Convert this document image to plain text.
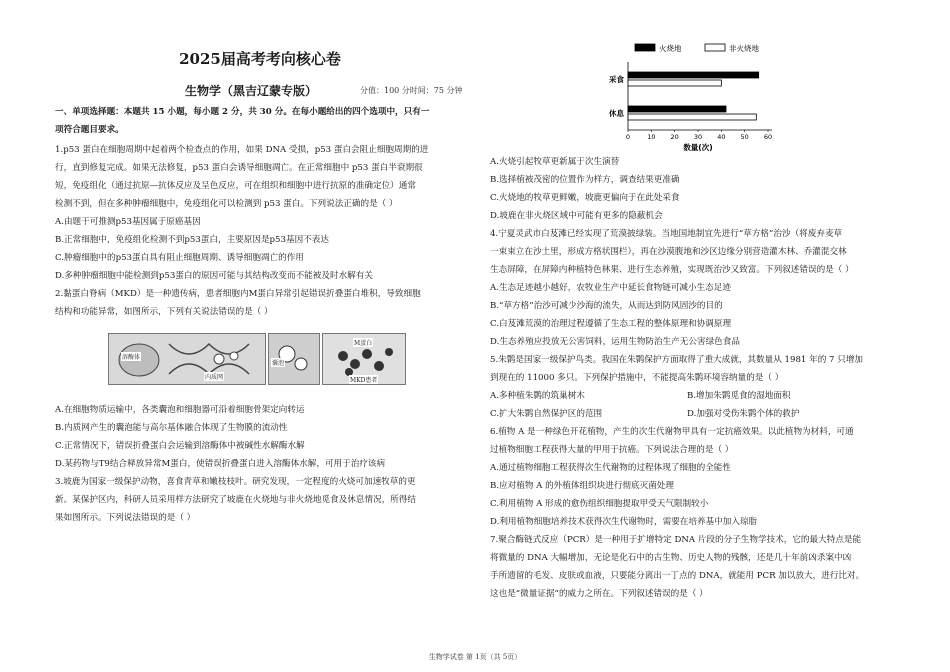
2025届高考考向核心卷
生物学（黑吉辽蒙专版）	分值：100 分时间：75 分钟
一、单项选择题：本题共 15 小题，每小题 2 分，共 30 分。在每小题给出的四个选项中，只有一
项符合题目要求。
1.p53 蛋白在细胞周期中起着两个检查点的作用，如果 DNA 受损，p53 蛋白会阻止细胞周期的进
行，直到修复完成。如果无法修复，p53 蛋白会诱导细胞凋亡。在正常细胞中 p53 蛋白半衰期很
短，免疫组化（通过抗原—抗体反应及呈色反应，可在组织和细胞中进行抗原的准确定位）通常
检测不到，但在多种肿瘤细胞中，免疫组化可以检测到 p53 蛋白。下列说法正确的是（ ）
A.由题干可推测p53基因属于原癌基因
B.正常细胞中，免疫组化检测不到p53蛋白，主要原因是p53基因不表达
C.肿瘤细胞中的p53蛋白具有阻止细胞周期、诱导细胞凋亡的作用
D.多种肿瘤细胞中能检测到p53蛋白的原因可能与其结构改变而不能被及时水解有关
2.黏蛋白脊病（MKD）是一种遗传病，患者细胞内M蛋白异常引起错误折叠蛋白堆积，导致细胞
结构和功能异常，如图所示，下列有关说法错误的是（ ）
溶酶体
内质网
囊泡
M蛋白
MKD患者
A.在细胞物质运输中，各类囊泡和细胞器可沿着细胞骨架定向转运
B.内质网产生的囊泡能与高尔基体融合体现了生物膜的流动性
C.正常情况下，错误折叠蛋白会运输到溶酶体中被碱性水解酶水解
D.某药物与T9结合释放异常M蛋白，使错误折叠蛋白进入溶酶体水解，可用于治疗该病
3.坡鹿为国家一级保护动物，喜食青草和嫩枝枝叶。研究发现，一定程度的火烧可加速牧草的更
新。某保护区内，科研人员采用样方法研究了坡鹿在火烧地与非火烧地觅食及休息情况，所得结
果如图所示。下列说法错误的是（ ）
火烧地	非火烧地
0	10 20 30 40 50 60
采食
休息
数量(次)
A.火烧引起牧草更新属于次生演替
B.选择植被茂密的位置作为样方，调查结果更准确
C.火烧地的牧草更鲜嫩，坡鹿更偏向于在此处采食
D.坡鹿在非火烧区域中可能有更多的隐蔽机会
4.宁夏灵武市白芨滩已经实现了荒漠披绿装。当地国地制宜先进行“草方格”治沙（将废弃麦草
一束束立在沙土里，形成方格状围栏），再在沙漠腹地和沙区边缘分别营造灌木林、乔灌混交林
生态屏障，在屏障内种植特色林果、进行生态养殖，实现既治沙又致富。下列叙述错误的是（ ）
A.生态足迹越小越好，农牧业生产中延长食物链可减小生态足迹
B.“草方格”治沙可减少沙海的流失，从而达到防风固沙的目的
C.白芨滩荒漠的治理过程遵循了生态工程的整体原理和协调原理
D.生态养殖应投放无公害饲料，运用生物防治生产无公害绿色食品
5.朱鹮是国家一级保护鸟类。我国在朱鹮保护方面取得了重大成就，其数量从 1981 年的 7 只增加
到现在的 11000 多只。下列保护措施中，不能提高朱鹮环境容纳量的是（ ）
A.多种植朱鹮的筑巢树木	B.增加朱鹮觅食的湿地面积
C.扩大朱鹮自然保护区的范围	D.加强对受伤朱鹮个体的救护
6.植物 A 是一种绿色开花植物，产生的次生代谢物甲具有一定抗癌效果。以此植物为材料，可通
过植物细胞工程获得大量的甲用于抗癌。下列说法合理的是（ ）
A.通过植物细胞工程获得次生代谢物的过程体现了细胞的全能性
B.应对植物 A 的外植体组织块进行彻底灭菌处理
C.利用植物 A 形成的愈伤组织细胞提取甲受天气限制较小
D.利用植物细胞培养技术获得次生代谢物时，需要在培养基中加入琼脂
7.聚合酶链式反应（PCR）是一种用于扩增特定 DNA 片段的分子生物学技术，它的最大特点是能
将微量的 DNA 大幅增加，无论是化石中的古生物、历史人物的残骸，还是几十年前凶杀案中凶
手所遗留的毛发、皮肤或血液，只要能分离出一丁点的 DNA，就能用 PCR 加以放大，进行比对。
这也是“微量证据”的威力之所在。下列叙述错误的是（ ）
生物学试卷 第 1页（共 5页）
